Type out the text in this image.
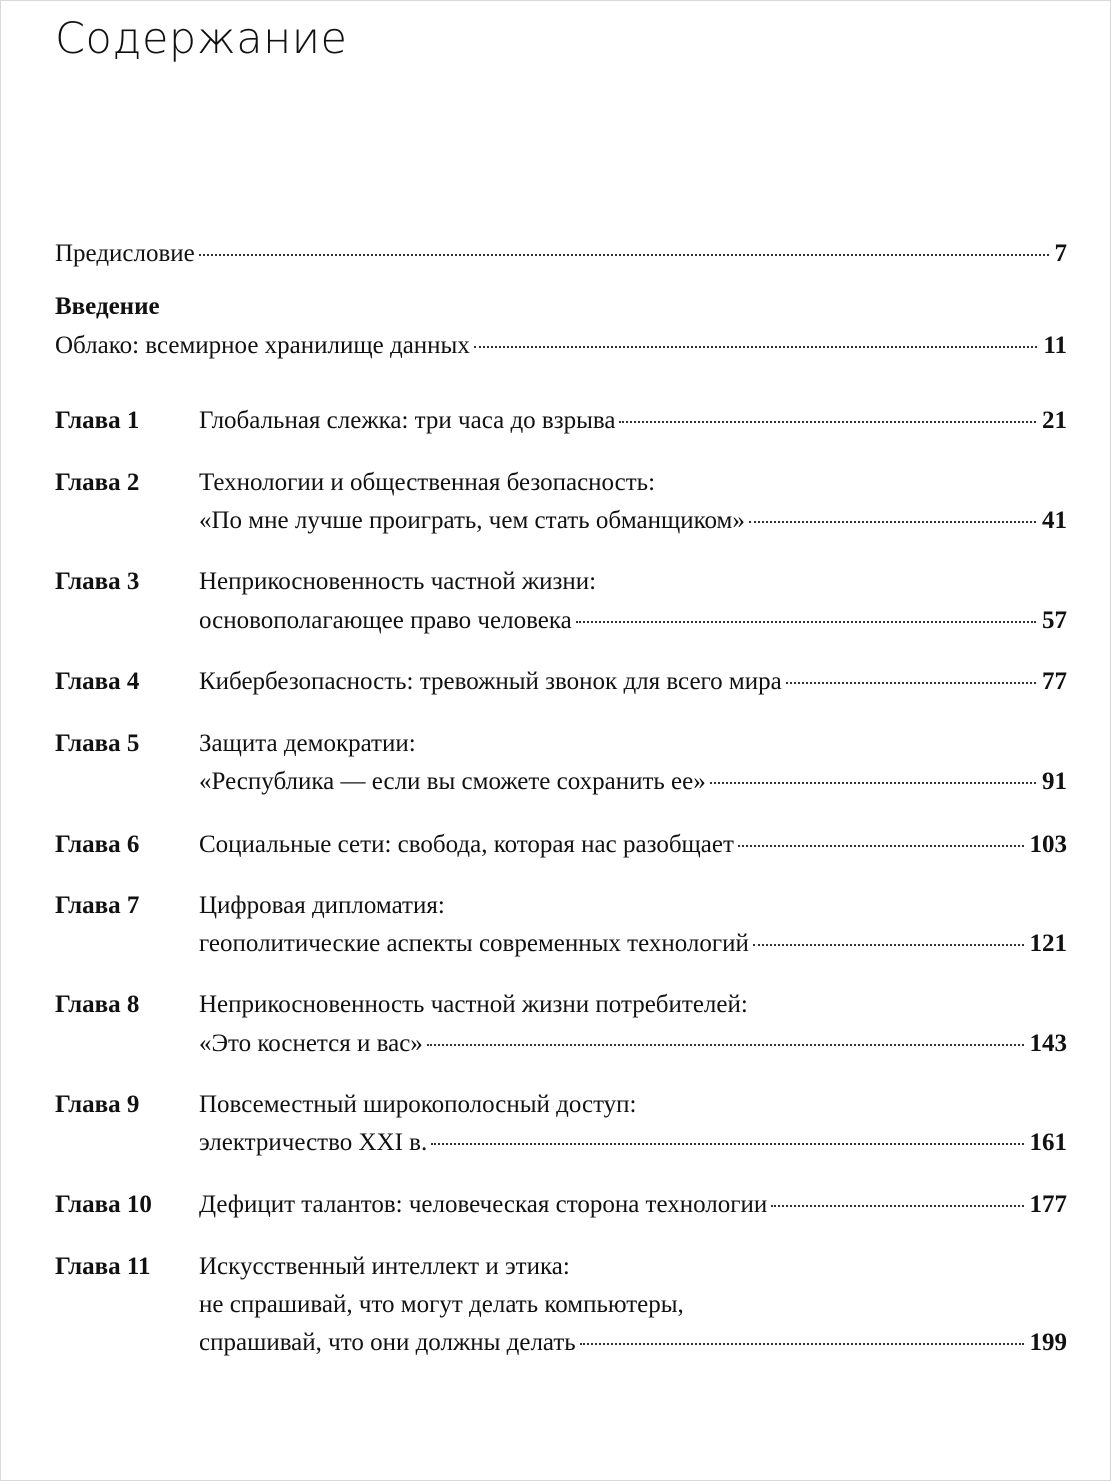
Содержание
Предисловие	7
Введение
Облако: всемирное хранилище данных	11
Глава 1 Глобальная слежка: три часа до взрыва	21
Глава 2 Технологии и общественная безопасность:
«По мне лучше проиграть, чем стать обманщиком»	41
Глава 3 Неприкосновенность частной жизни:
основополагающее право человека	57
Глава 4 Кибербезопасность: тревожный звонок для всего мира	77
Глава 5 Защита демократии:
«Республика — если вы сможете сохранить ее»	91
Глава 6 Социальные сети: свобода, которая нас разобщает	103
Глава 7 Цифровая дипломатия:
геополитические аспекты современных технологий	121
Глава 8 Неприкосновенность частной жизни потребителей:
«Это коснется и вас»	143
Глава 9 Повсеместный широкополосный доступ:
электричество XXI в.	161
Глава 10 Дефицит талантов: человеческая сторона технологии	177
Глава 11 Искусственный интеллект и этика:
не спрашивай, что могут делать компьютеры,
спрашивай, что они должны делать	199
